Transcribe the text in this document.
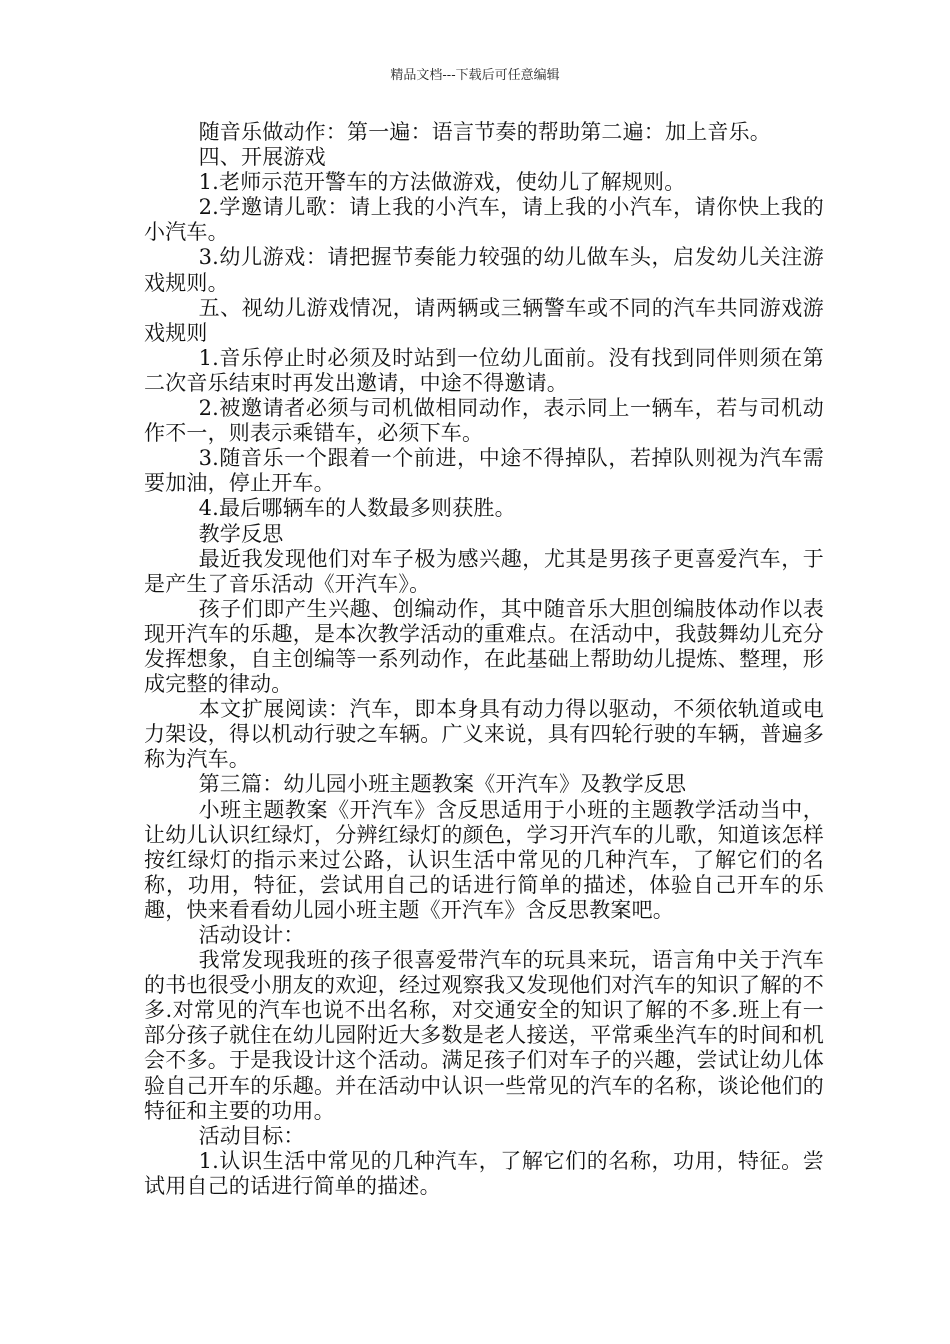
精品文档---下载后可任意编辑

随音乐做动作：第一遍：语言节奏的帮助第二遍：加上音乐。

四、开展游戏

1.老师示范开警车的方法做游戏，使幼儿了解规则。

2.学邀请儿歌：请上我的小汽车，请上我的小汽车，请你快上我的小汽车。

3.幼儿游戏：请把握节奏能力较强的幼儿做车头，启发幼儿关注游戏规则。

五、视幼儿游戏情况，请两辆或三辆警车或不同的汽车共同游戏游戏规则

1.音乐停止时必须及时站到一位幼儿面前。没有找到同伴则须在第二次音乐结束时再发出邀请，中途不得邀请。

2.被邀请者必须与司机做相同动作，表示同上一辆车，若与司机动作不一，则表示乘错车，必须下车。

3.随音乐一个跟着一个前进，中途不得掉队，若掉队则视为汽车需要加油，停止开车。

4.最后哪辆车的人数最多则获胜。

教学反思

最近我发现他们对车子极为感兴趣，尤其是男孩子更喜爱汽车，于是产生了音乐活动《开汽车》。

孩子们即产生兴趣、创编动作，其中随音乐大胆创编肢体动作以表现开汽车的乐趣，是本次教学活动的重难点。在活动中，我鼓舞幼儿充分发挥想象，自主创编等一系列动作，在此基础上帮助幼儿提炼、整理，形成完整的律动。

本文扩展阅读：汽车，即本身具有动力得以驱动，不须依轨道或电力架设，得以机动行驶之车辆。广义来说，具有四轮行驶的车辆，普遍多称为汽车。

第三篇：幼儿园小班主题教案《开汽车》及教学反思

小班主题教案《开汽车》含反思适用于小班的主题教学活动当中，让幼儿认识红绿灯，分辨红绿灯的颜色，学习开汽车的儿歌，知道该怎样按红绿灯的指示来过公路，认识生活中常见的几种汽车，了解它们的名称，功用，特征，尝试用自己的话进行简单的描述，体验自己开车的乐趣，快来看看幼儿园小班主题《开汽车》含反思教案吧。

活动设计：

我常发现我班的孩子很喜爱带汽车的玩具来玩，语言角中关于汽车的书也很受小朋友的欢迎，经过观察我又发现他们对汽车的知识了解的不多.对常见的汽车也说不出名称，对交通安全的知识了解的不多.班上有一部分孩子就住在幼儿园附近大多数是老人接送，平常乘坐汽车的时间和机会不多。于是我设计这个活动。满足孩子们对车子的兴趣，尝试让幼儿体验自己开车的乐趣。并在活动中认识一些常见的汽车的名称，谈论他们的特征和主要的功用。

活动目标：

1.认识生活中常见的几种汽车，了解它们的名称，功用，特征。尝试用自己的话进行简单的描述。
